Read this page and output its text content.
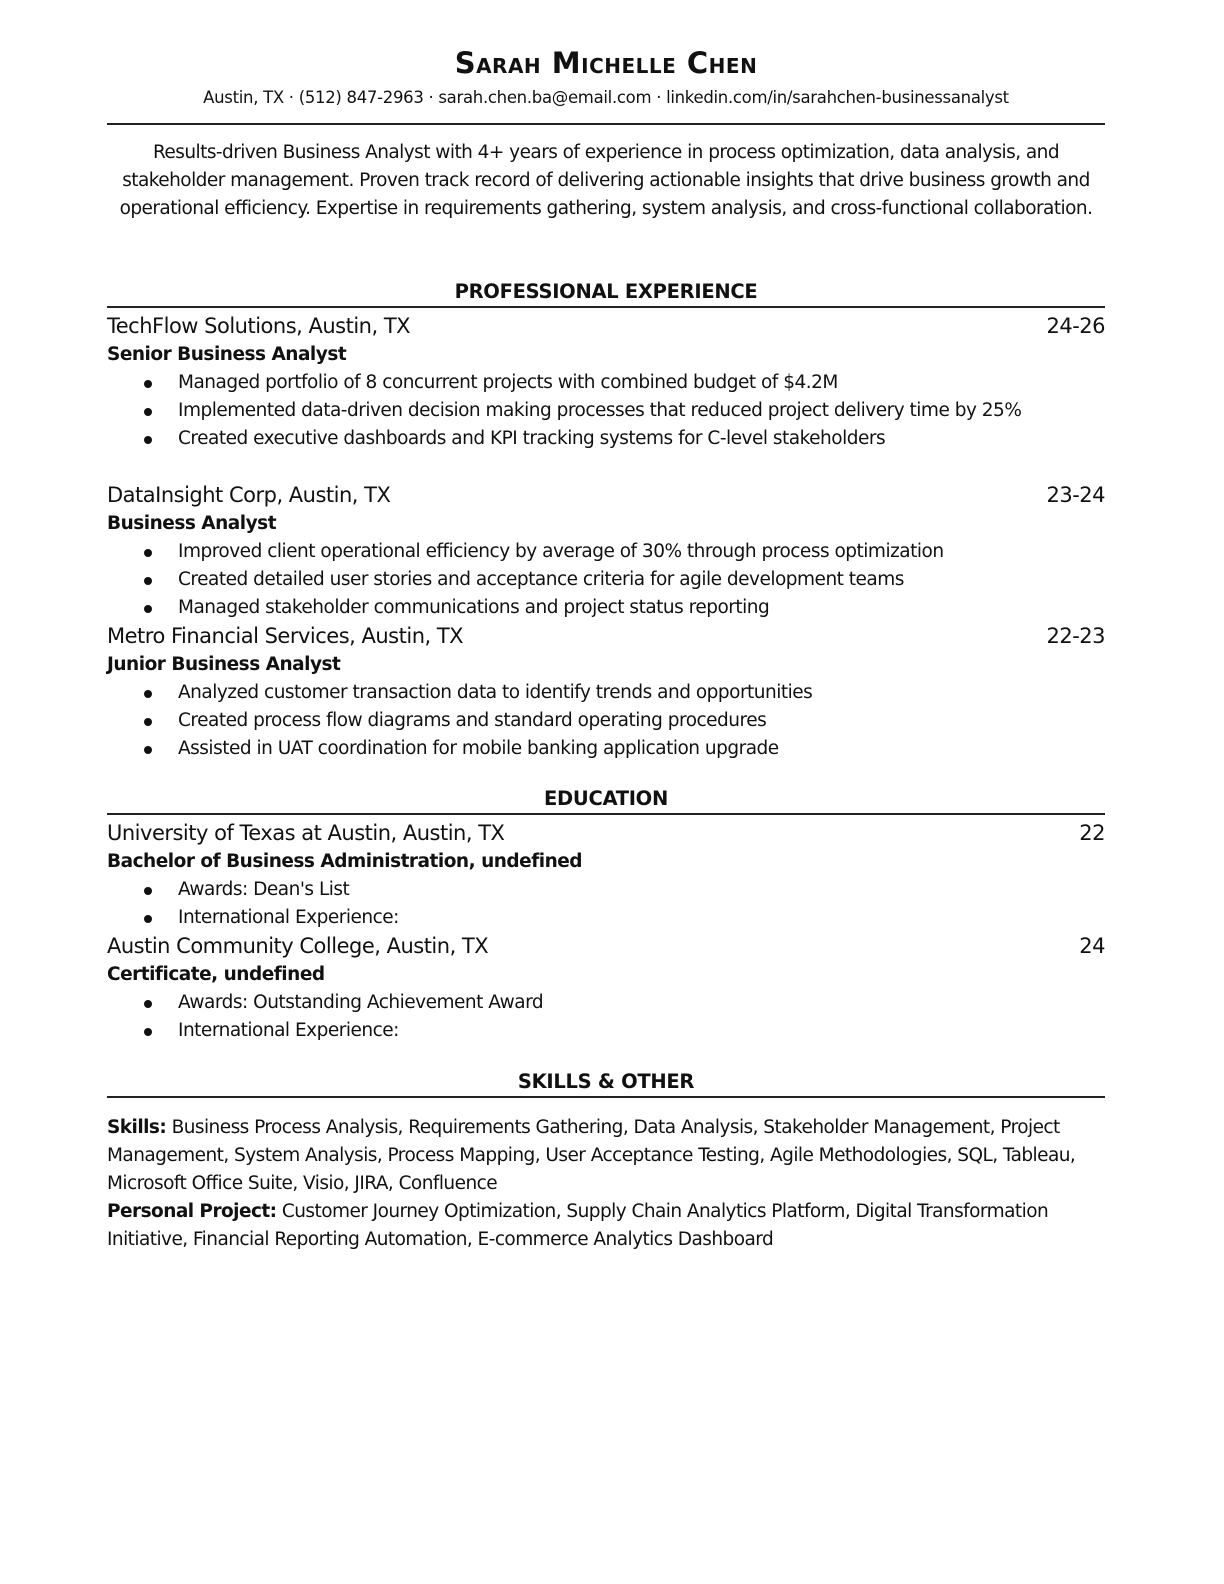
Sarah Michelle Chen
Austin, TX · (512) 847-2963 · sarah.chen.ba@email.com · linkedin.com/in/sarahchen-businessanalyst
Results-driven Business Analyst with 4+ years of experience in process optimization, data analysis, and stakeholder management. Proven track record of delivering actionable insights that drive business growth and operational efficiency. Expertise in requirements gathering, system analysis, and cross-functional collaboration.
PROFESSIONAL EXPERIENCE
TechFlow Solutions, Austin, TX	24-26
Senior Business Analyst
Managed portfolio of 8 concurrent projects with combined budget of $4.2M
Implemented data-driven decision making processes that reduced project delivery time by 25%
Created executive dashboards and KPI tracking systems for C-level stakeholders
DataInsight Corp, Austin, TX	23-24
Business Analyst
Improved client operational efficiency by average of 30% through process optimization
Created detailed user stories and acceptance criteria for agile development teams
Managed stakeholder communications and project status reporting
Metro Financial Services, Austin, TX	22-23
Junior Business Analyst
Analyzed customer transaction data to identify trends and opportunities
Created process flow diagrams and standard operating procedures
Assisted in UAT coordination for mobile banking application upgrade
EDUCATION
University of Texas at Austin, Austin, TX	22
Bachelor of Business Administration, undefined
Awards: Dean's List
International Experience:
Austin Community College, Austin, TX	24
Certificate, undefined
Awards: Outstanding Achievement Award
International Experience:
SKILLS & OTHER
Skills: Business Process Analysis, Requirements Gathering, Data Analysis, Stakeholder Management, Project Management, System Analysis, Process Mapping, User Acceptance Testing, Agile Methodologies, SQL, Tableau, Microsoft Office Suite, Visio, JIRA, Confluence
Personal Project: Customer Journey Optimization, Supply Chain Analytics Platform, Digital Transformation Initiative, Financial Reporting Automation, E-commerce Analytics Dashboard
